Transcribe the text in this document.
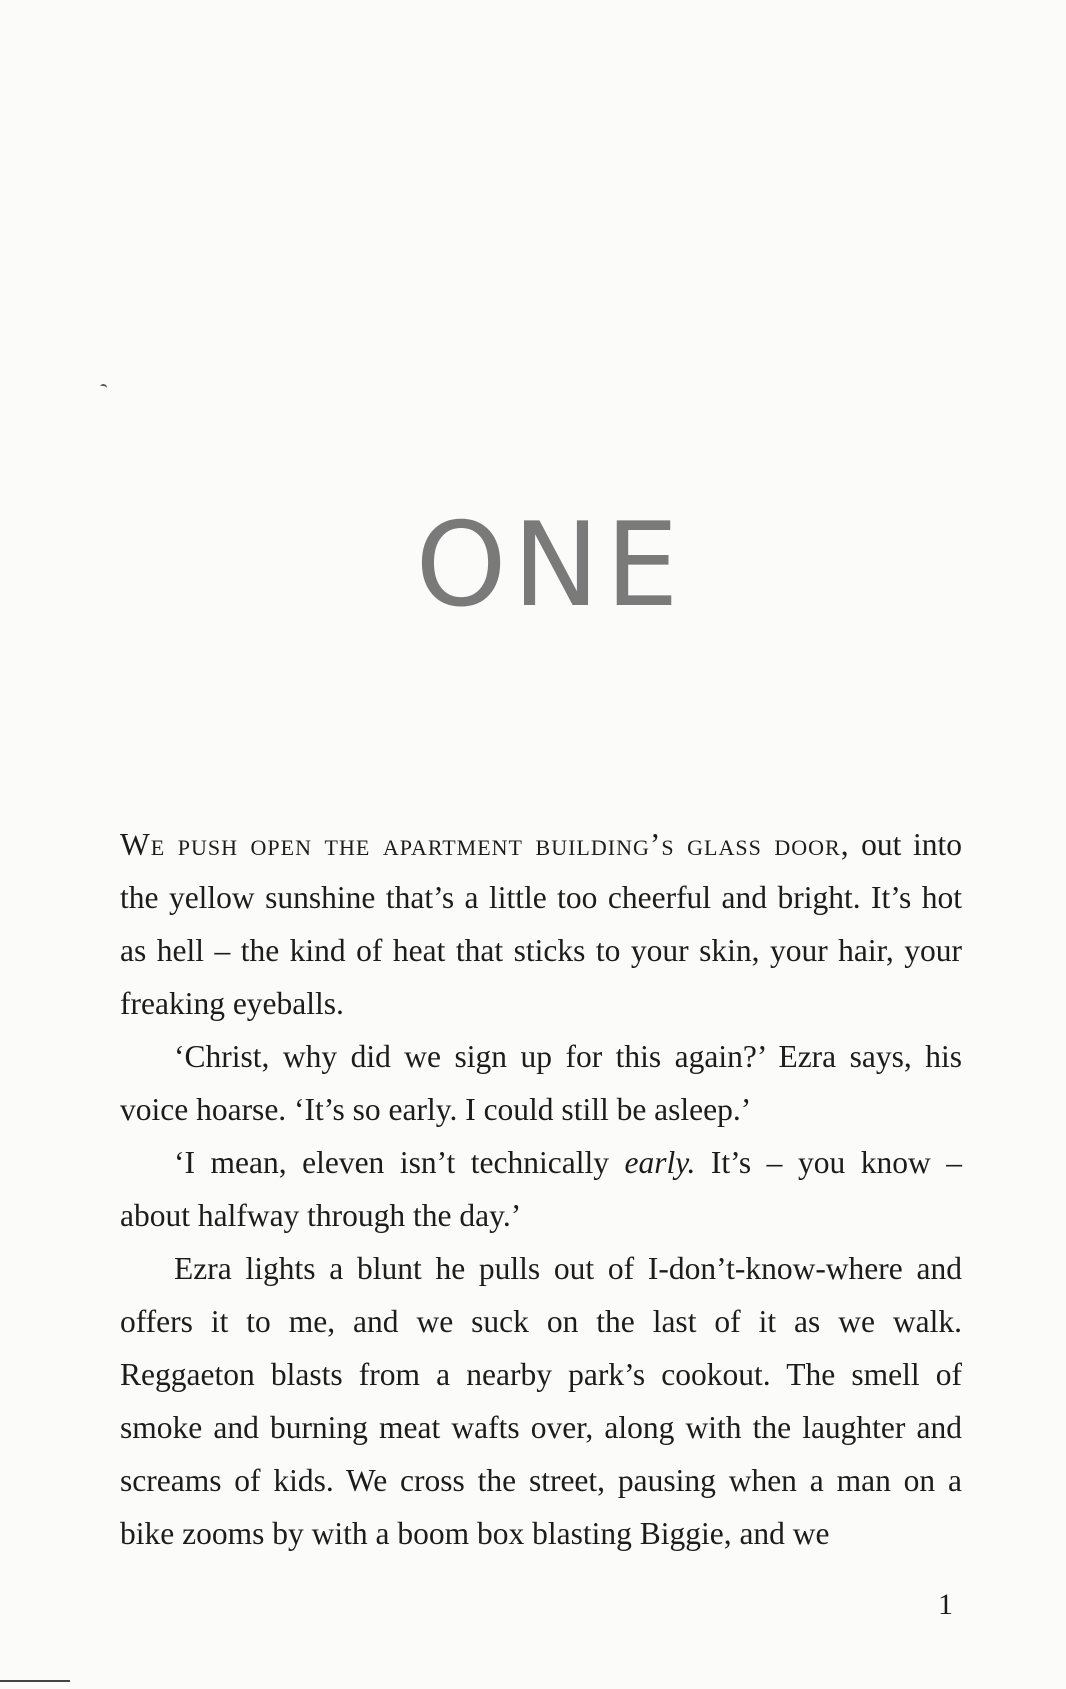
ONE

We push open the apartment building’s glass door, out into the yellow sunshine that’s a little too cheerful and bright. It’s hot as hell – the kind of heat that sticks to your skin, your hair, your freaking eyeballs.

‘Christ, why did we sign up for this again?’ Ezra says, his voice hoarse. ‘It’s so early. I could still be asleep.’

‘I mean, eleven isn’t technically early. It’s – you know – about halfway through the day.’

Ezra lights a blunt he pulls out of I-don’t-know-where and offers it to me, and we suck on the last of it as we walk. Reggaeton blasts from a nearby park’s cookout. The smell of smoke and burning meat wafts over, along with the laughter and screams of kids. We cross the street, pausing when a man on a bike zooms by with a boom box blasting Biggie, and we

1
